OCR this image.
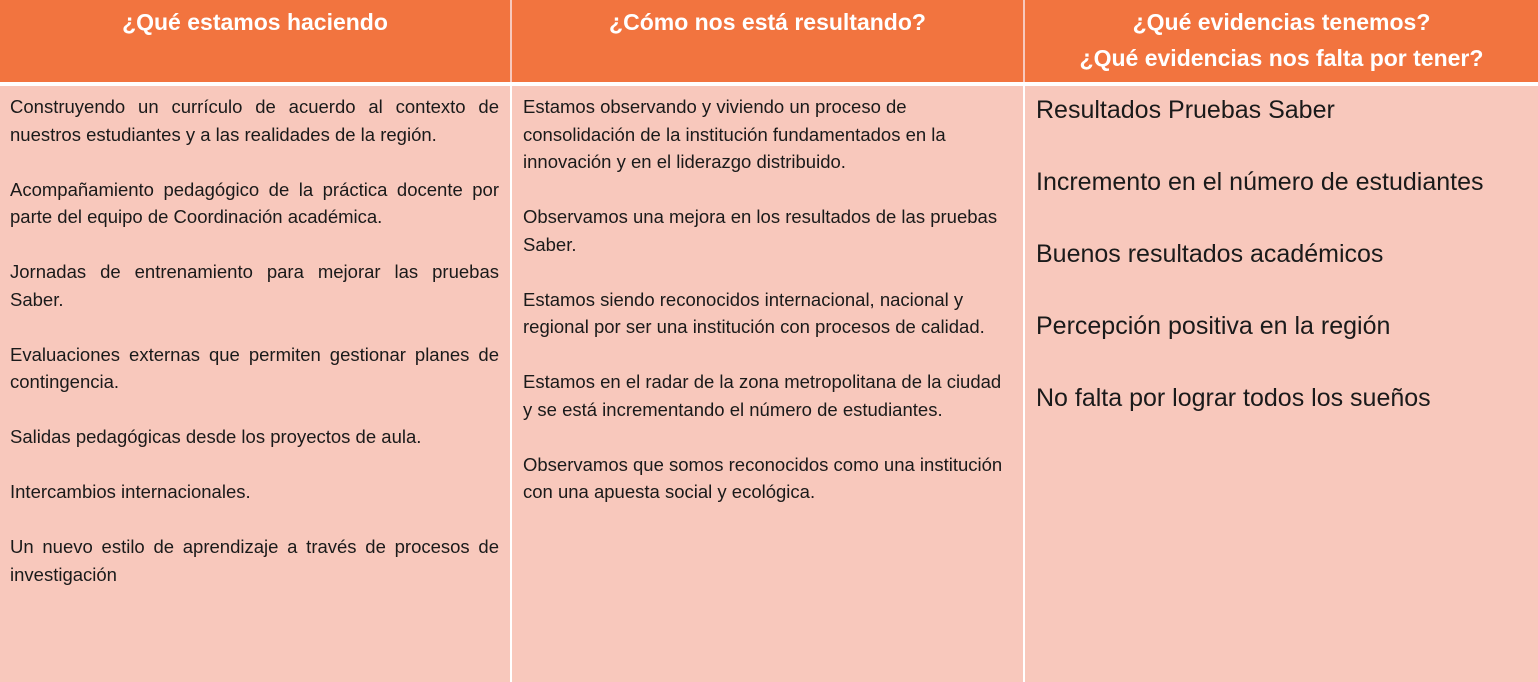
¿Qué estamos haciendo	¿Cómo nos está resultando?	¿Qué evidencias tenemos?
¿Qué evidencias nos falta por tener?

Construyendo un currículo de acuerdo al contexto de nuestros estudiantes y a las realidades de la región.

Acompañamiento pedagógico de la práctica docente por parte del equipo de Coordinación académica.

Jornadas de entrenamiento para mejorar las pruebas Saber.

Evaluaciones externas que permiten gestionar planes de contingencia.

Salidas pedagógicas desde los proyectos de aula.

Intercambios internacionales.

Un nuevo estilo de aprendizaje a través de procesos de investigación

Estamos observando y viviendo un proceso de consolidación de la institución fundamentados en la innovación y en el liderazgo distribuido.

Observamos una mejora en los resultados de las pruebas Saber.

Estamos siendo reconocidos internacional, nacional y regional por ser una institución con procesos de calidad.

Estamos en el radar de la zona metropolitana de la ciudad y se está incrementando el número de estudiantes.

Observamos que somos reconocidos como una institución con una apuesta social y ecológica.

Resultados Pruebas Saber

Incremento en el número de estudiantes

Buenos resultados académicos

Percepción positiva en la región

No falta por lograr todos los sueños
